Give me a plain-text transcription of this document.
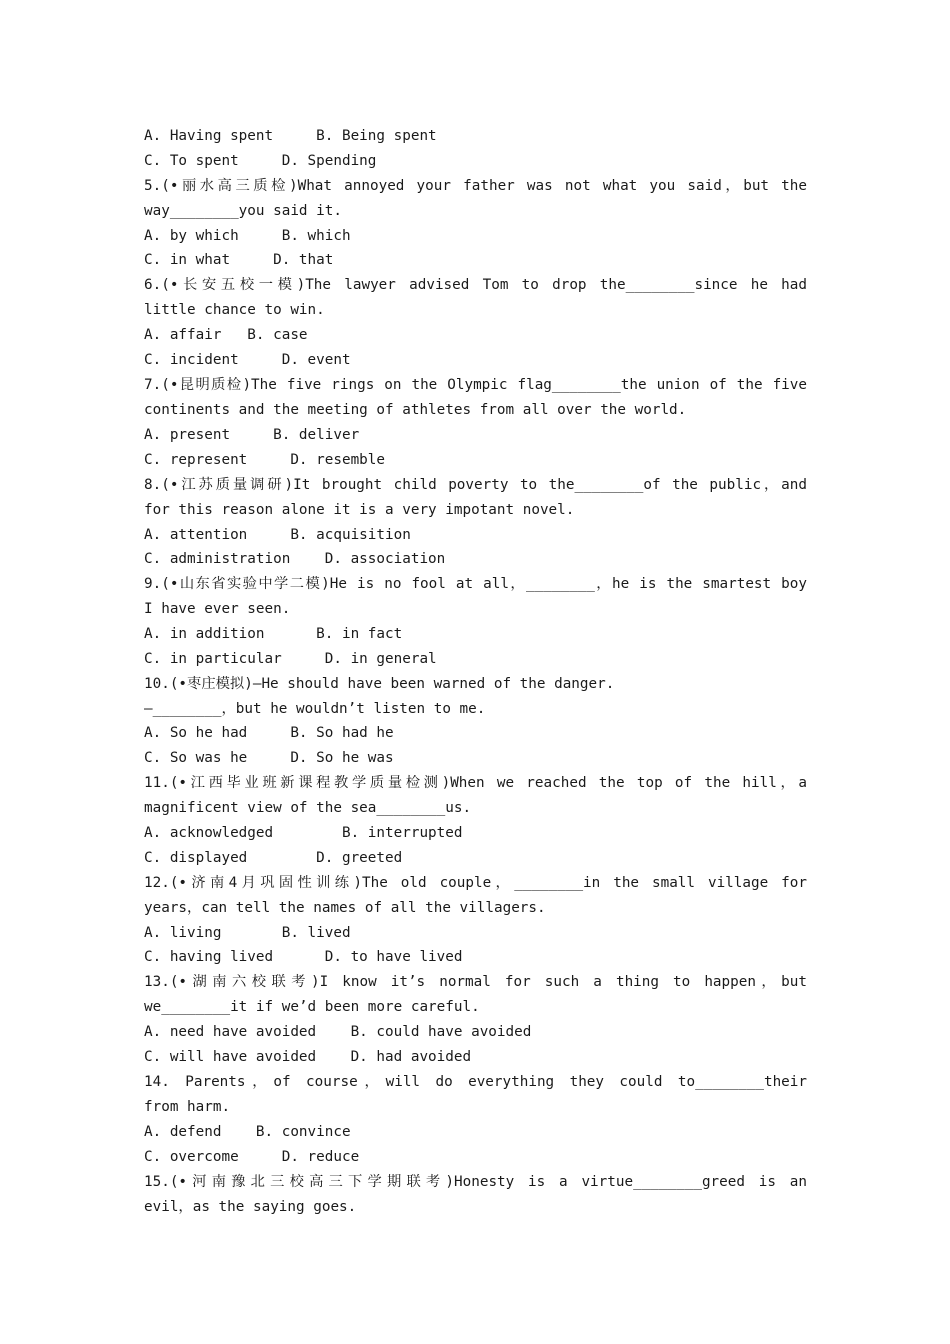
A. Having spent     B. Being spent
C. To spent     D. Spending
5.(•丽水高三质检)What annoyed your father was not what you said，but the
way________you said it.
A. by which     B. which
C. in what     D. that
6.(•长安五校一模)The lawyer advised Tom to drop the________since he had
little chance to win.
A. affair   B. case
C. incident     D. event
7.(•昆明质检)The five rings on the Olympic flag________the union of the five
continents and the meeting of athletes from all over the world.
A. present     B. deliver
C. represent     D. resemble
8.(•江苏质量调研)It brought child poverty to the________of the public，and
for this reason alone it is a very impotant novel.
A. attention     B. acquisition
C. administration    D. association
9.(•山东省实验中学二模)He is no fool at all，________，he is the smartest boy
I have ever seen.
A. in addition      B. in fact
C. in particular     D. in general
10.(•枣庄模拟)—He should have been warned of the danger.
—________，but he wouldn’t listen to me.
A. So he had     B. So had he
C. So was he     D. So he was
11.(•江西毕业班新课程教学质量检测)When we reached the top of the hill，a
magnificent view of the sea________us.
A. acknowledged        B. interrupted
C. displayed        D. greeted
12.(•济南4月巩固性训练)The old couple，________in the small village for
years，can tell the names of all the villagers.
A. living       B. lived
C. having lived      D. to have lived
13.(•湖南六校联考)I know it’s normal for such a thing to happen，but
we________it if we’d been more careful.
A. need have avoided    B. could have avoided
C. will have avoided    D. had avoided
14. Parents，of course，will do everything they could to________their
from harm.
A. defend    B. convince
C. overcome     D. reduce
15.(•河南豫北三校高三下学期联考)Honesty is a virtue________greed is an
evil，as the saying goes.
